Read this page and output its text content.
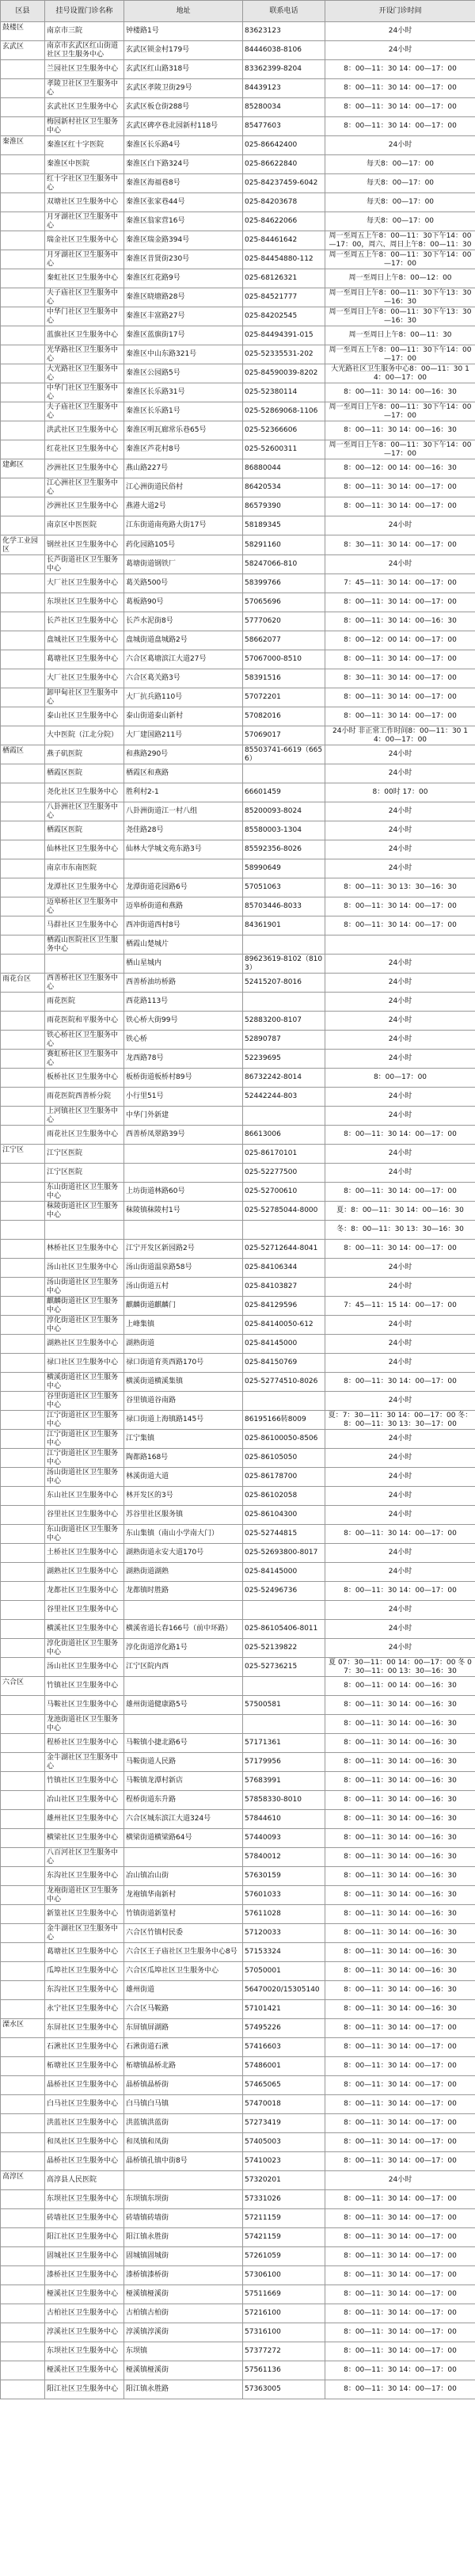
区县	挂号设置门诊名称	地址	联系电话	开设门诊时间
鼓楼区	南京市三院	钟楼路1号	83623123	24小时
玄武区	南京市玄武区红山街道社区卫生服务中心	玄武区锁金村179号	84446038-8106	24小时
	兰园社区卫生服务中心	玄武区红山路318号	83362399-8204	8：00—11：30 14：00—17：00
	孝陵卫社区卫生服务中心	玄武区孝陵卫街29号	84439123	8：00—11：30 14：00—17：00
	玄武社区卫生服务中心	玄武区板仓街288号	85280034	8：00—11：30 14：00—17：00
	梅园新村社区卫生服务中心	玄武区碑亭巷北园新村118号	85477603	8：00—11：30 14：00—17：00
秦淮区	秦淮区红十字医院	秦淮区长乐路4号	025-86642400	24小时
	秦淮区中医院	秦淮区白下路324号	025-86622840	每天8：00—17：00
	红十字社区卫生服务中心	秦淮区海福巷8号	025-84237459-6042	每天8：00—17：00
	双塘社区卫生服务中心	秦淮区张家巷44号	025-84203678	每天8：00—17：00
	月牙湖社区卫生服务中心	秦淮区翁家营16号	025-84622066	每天8：00—17：00
	瑞金社区卫生服务中心	秦淮区瑞金路394号	025-84461642	周一至周五上午8：00—11：30下午14：00—17：00，周六、周日上午8：00—11：30
	月牙湖社区卫生服务中心	秦淮区昔贤街230号	025-84454880-112	周一至周五上午8：00—11：30下午14：00—17：00
	秦虹社区卫生服务中心	秦淮区红花路9号	025-68126321	周一至周日上午8：00—12：00
	夫子庙社区卫生服务中心	秦淮区晓塘路28号	025-84521777	周一至周日上午8：00—11：30下午13：30—16：30
	中华门社区卫生服务中心	秦淮区丰富路27号	025-84202545	周一至周日上午8：00—11：30下午13：30—16：30
	蓝旗社区卫生服务中心	秦淮区蓝旗街17号	025-84494391-015	周一至周日上午8：00—11：30
	光华路社区卫生服务中心	秦淮区中山东路321号	025-52335531-202	周一至周五上午8：00—11：30下午14：00—17：00
	大光路社区卫生服务中心	秦淮区公园路5号	025-84590039-8202	大光路社区卫生服务中心8：00—11：30 14：00—17：00
	中华门社区卫生服务中心	秦淮区长乐路31号	025-52380114	8：00—11：30 14：00—16：30
	夫子庙社区卫生服务中心	秦淮区长乐路1号	025-52869068-1106	周一至周日上午8：00—11：30下午14：00—17：00
	洪武社区卫生服务中心	秦淮区明瓦廊常乐巷65号	025-52366606	8：00—11：30 14：00—16：30
	红花社区卫生服务中心	秦淮区芦花村8号	025-52600311	周一至周日上午8：00—11：30下午14：00—17：00
建邺区	沙洲社区卫生服务中心	燕山路227号	86880044	8：00—12：00 14：00—16：30
	江心洲社区卫生服务中心	江心洲街道民俗村	86420534	8：00—11：30 14：00—17：00
	沙洲社区卫生服务中心	燕港大道2号	86579390	8：00—11：30 14：00—17：00
	南京区中医医院	江东街道南苑路大街17号	58189345	24小时
化学工业园区	钢丝社区卫生服务中心	药化园路105号	58291160	8：30—11：30 14：00—17：00
	长芦街道社区卫生服务中心	葛塘街道钢铁厂	58247066-810	24小时
	大厂社区卫生服务中心	葛关路500号	58399766	7：45—11：30 14：00—17：00
	东坝社区卫生服务中心	葛板路90号	57065696	8：00—11：30 14：00—17：00
	长芦社区卫生服务中心	长芦水泥街8号	57770620	8：00—11：30 14：00—16：30
	盘城社区卫生服务中心	盘城街道盘城路2号	58662077	8：00—12：00 14：00—17：00
	葛塘社区卫生服务中心	六合区葛塘滨江大道27号	57067000-8510	8：00—11：30 14：00—17：00
	大厂社区卫生服务中心	六合区葛关路3号	58391516	8：30—11：30 14：00—17：00
	卸甲甸社区卫生服务中心	大厂抗兵路110号	57072201	8：00—11：30 14：00—17：00
	泰山社区卫生服务中心	泰山街道泰山新村	57082016	8：00—11：30 14：00—17：00
	大中医院（江北分院）	大厂建国路211号	57069017	24小时 非正常工作时间8：00—11：30 14：00—17：00
栖霞区	燕子矶医院	和燕路290号	85503741-6619（6656）	24小时
	栖霞区医院	栖霞区和燕路		24小时
	尧化社区卫生服务中心	胜利村2-1	66601459	8：00时 17：00
	八卦洲社区卫生服务中心	八卦洲街道江一村八组	85200093-8024	24小时
	栖霞区医院	尧佳路28号	85580003-1304	24小时
	仙林社区卫生服务中心	仙林大学城文苑东路3号	85592356-8026	24小时
	南京市东南医院		58990649	24小时
	龙潭社区卫生服务中心	龙潭街道花园路6号	57051063	8：00—11：30 13：30—16：30
	迈皋桥社区卫生服务中心	迈皋桥街道和燕路	85703446-8033	8：00—11：30 14：00—17：00
	马群社区卫生服务中心	西冲街道西村8号	84361901	8：00—11：30 14：00—17：00
	栖霞山医院社区卫生服务中心	栖霞山楚城片		
		栖山星城内	89623619-8102（8103）	24小时
雨花台区	西善桥社区卫生服务中心	西善桥油坊桥路	52415207-8016	24小时
	雨花医院	西花路113号		24小时
	雨花医院和平服务中心	铁心桥大街99号	52883200-8107	24小时
	铁心桥社区卫生服务中心	铁心桥	52890787	24小时
	赛虹桥社区卫生服务中心	龙西路78号	52239695	24小时
	板桥社区卫生服务中心	板桥街道板桥村89号	86732242-8014	8：00—17：00
	雨花医院西善桥分院	小行里51号	52442244-803	24小时
	上河镇社区卫生服务中心	中华门外新建		24小时
	雨花社区卫生服务中心	西善桥凤翠路39号	86613006	8：00—11：30 14：00—17：00
江宁区	江宁区医院		025-86170101	24小时
	江宁区医院		025-52277500	24小时
	东山街道社区卫生服务中心	上坊街道林路60号	025-52700610	8：00—11：30 14：00—17：00
	秣陵街道社区卫生服务中心	秣陵镇秣陵村1号	025-52785044-8000	夏：8：00—11：30 14：00—16：30
				冬：8：00—11：30 13：30—16：30
	林桥社区卫生服务中心	江宁开发区新园路2号	025-52712644-8041	8：00—11：30 14：00—17：00
	汤山社区卫生服务中心	汤山街道温泉路58号	025-84106344	24小时
	汤山街道社区卫生服务中心	汤山街道五村	025-84103827	24小时
	麒麟街道社区卫生服务中心	麒麟街道麒麟门	025-84129596	7：45—11：15 14：00—17：00
	淳化街道社区卫生服务中心	上峰集镇	025-84140050-612	24小时
	湖熟社区卫生服务中心	湖熟街道	025-84145000	24小时
	禄口社区卫生服务中心	禄口街道育英西路170号	025-84150769	24小时
	横溪街道社区卫生服务中心	横溪街道横溪集镇	025-52774510-8026	8：00—11：30 14：00—17：00
	谷里街道社区卫生服务中心	谷里镇道谷南路		24小时
	江宁街道社区卫生服务中心	禄口街道上海镇路145号	86195166转8009	夏：7：30—11：30 14：00—17：00 冬：8：00—11：30 13：30—17：00
	江宁街道社区卫生服务中心	江宁集镇	025-86100050-8506	24小时
	江宁街道社区卫生服务中心	陶都路168号	025-86105050	24小时
	汤山街道社区卫生服务中心	林溪街道大道	025-86178700	24小时
	东山社区卫生服务中心	林开发区的3号	025-86102058	24小时
	谷里社区卫生服务中心	苏谷里社区服务镇	025-86104300	24小时
	东山街道社区卫生服务中心	东山集镇（南山小学南大门）	025-52744815	8：00—11：30 14：00—17：00
	土桥社区卫生服务中心	湖熟街道永安大道170号	025-52693800-8017	24小时
	湖熟社区卫生服务中心	湖熟街道湖熟	025-84145000	24小时
	龙都社区卫生服务中心	龙都镇时胜路	025-52496736	8：00—11：30 14：00—17：00
	谷里社区卫生服务中心			24小时
	横溪社区卫生服务中心	横溪省道长春166号（前中环路）	025-86105406-8011	24小时
	淳化街道社区卫生服务中心	淳化街道淳化路1号	025-52139822	24小时
	汤山社区卫生服务中心	江宁区院内西	025-52736215	夏 07：30—11：00 14：00—17：00 冬 07：30—11：00 13：30—16：30
六合区	竹镇社区卫生服务中心			8：00—11：00 14：00—16：30
	马鞍社区卫生服务中心	雄州街道健康路5号	57500581	8：00—11：30 14：00—16：30
	龙池街道社区卫生服务中心			8：00—11：30 14：00—16：30
	程桥社区卫生服务中心	马鞍镇小捷北路6号	57171361	8：00—11：30 14：00—16：30
	金牛湖社区卫生服务中心	马鞍街道人民路	57179956	8：00—11：30 14：00—16：30
	竹镇社区卫生服务中心	马鞍镇龙潭村新店	57683991	8：00—11：30 14：00—16：30
	冶山社区卫生服务中心	程桥街道东升路	57858330-8010	8：00—11：30 14：00—16：30
	雄州社区卫生服务中心	六合区城东滨江大道324号	57844610	8：00—11：30 14：00—16：30
	横梁社区卫生服务中心	横梁街道横梁路64号	57440093	8：00—11：30 14：00—16：30
	八百河社区卫生服务中心		57840012	8：00—11：30 14：00—16：30
	东沟社区卫生服务中心	冶山镇冶山街	57630159	8：00—11：30 14：00—16：30
	龙袍街道社区卫生服务中心	龙袍镇华南新村	57601033	8：00—11：30 14：00—16：30
	新篁社区卫生服务中心	竹镇街道新篁村	57611028	8：00—11：30 14：00—16：30
	金牛湖社区卫生服务中心	六合区竹镇村民委	57120033	8：00—11：30 14：00—16：30
	葛塘社区卫生服务中心	六合区王子庙社区卫生服务中心8号	57153324	8：00—11：30 14：00—16：30
	瓜埠社区卫生服务中心	六合区瓜埠社区卫生服务中心	57050001	8：00—11：30 14：00—16：30
	东沟社区卫生服务中心	雄州街道	56470020/15305140	8：00—11：30 14：00—16：30
	永宁社区卫生服务中心	六合区马鞍路	57101421	8：00—11：30 14：00—16：30
溧水区	东屏社区卫生服务中心	东屏镇屏湖路	57495226	8：00—11：30 14：00—17：00
	石湫社区卫生服务中心	石湫街道石湫	57416603	8：00—11：30 14：00—17：00
	柘塘社区卫生服务中心	柘塘镇晶桥北路	57486001	8：00—11：30 14：00—17：00
	晶桥社区卫生服务中心	晶桥镇晶桥街	57465065	8：00—11：30 14：00—17：00
	白马社区卫生服务中心	白马镇白马镇	57470018	8：00—11：30 14：00—17：00
	洪蓝社区卫生服务中心	洪蓝镇洪蓝街	57273419	8：00—11：30 14：00—17：00
	和凤社区卫生服务中心	和凤镇和凤街	57405003	8：00—11：30 14：00—17：00
	晶桥社区卫生服务中心	晶桥镇孔镇中街8号	57410023	8：00—11：30 14：00—17：00
高淳区	高淳县人民医院		57320201	24小时
	东坝社区卫生服务中心	东坝镇东坝街	57331026	8：00—11：30 14：00—17：00
	砖墙社区卫生服务中心	砖墙镇砖墙街	57211159	8：00—11：30 14：00—17：00
	阳江社区卫生服务中心	阳江镇永胜街	57421159	8：00—11：30 14：00—17：00
	固城社区卫生服务中心	固城镇固城街	57261059	8：00—11：30 14：00—17：00
	漆桥社区卫生服务中心	漆桥镇漆桥街	57306100	8：00—11：30 14：00—17：00
	桠溪社区卫生服务中心	桠溪镇桠溪街	57511669	8：00—11：30 14：00—17：00
	古柏社区卫生服务中心	古柏镇古柏街	57216100	8：00—11：30 14：00—17：00
	淳溪社区卫生服务中心	淳溪镇淳溪街	57316100	8：00—11：30 14：00—17：00
	东坝社区卫生服务中心	东坝镇	57377272	8：00—11：30 14：00—17：00
	桠溪社区卫生服务中心	桠溪镇桠溪街	57561136	8：00—11：30 14：00—17：00
	阳江社区卫生服务中心	阳江镇永胜路	57363005	8：00—11：30 14：00—17：00
